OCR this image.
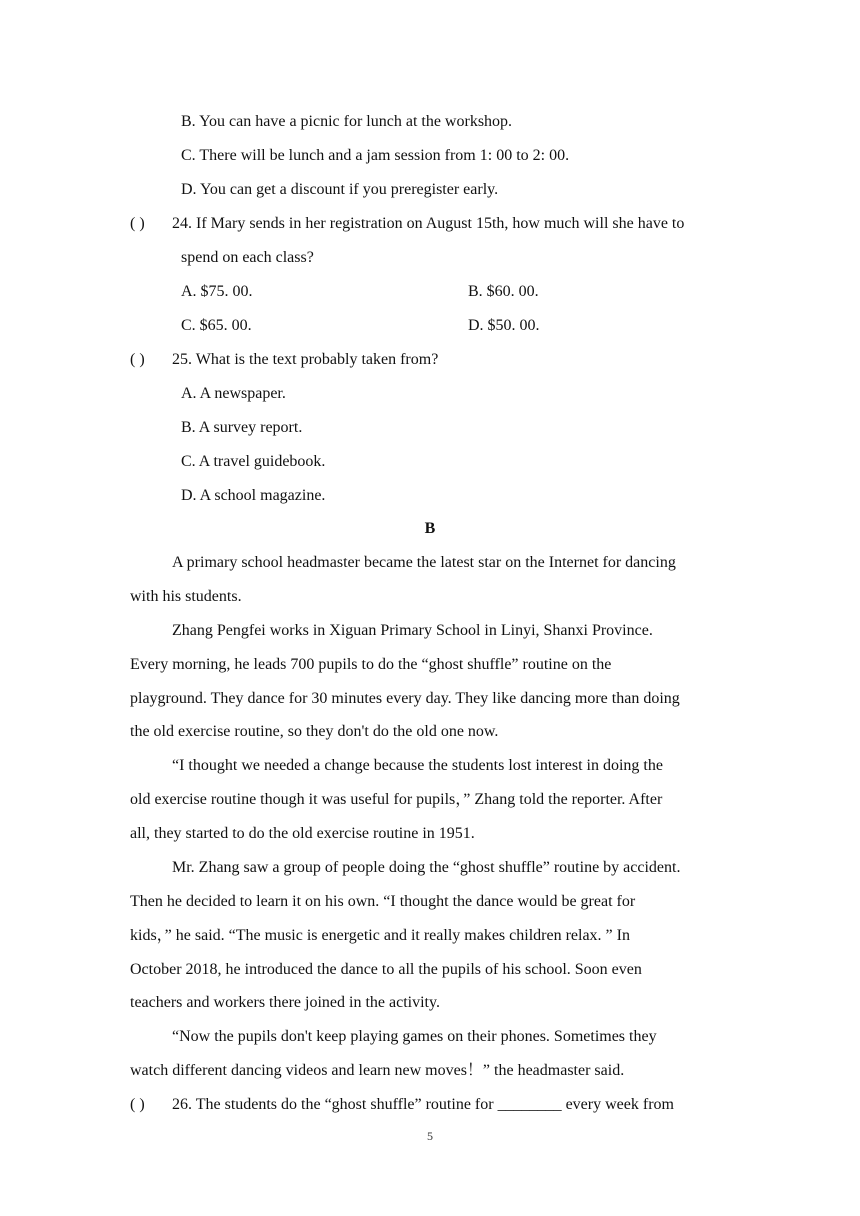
B. You can have a picnic for lunch at the workshop.
C. There will be lunch and a jam session from 1: 00 to 2: 00.
D. You can get a discount if you preregister early.
( ) 24. If Mary sends in her registration on August 15th, how much will she have to
spend on each class?
A. $75. 00.	B. $60. 00.
C. $65. 00.	D. $50. 00.
( ) 25. What is the text probably taken from?
A. A newspaper.
B. A survey report.
C. A travel guidebook.
D. A school magazine.
B
A primary school headmaster became the latest star on the Internet for dancing
with his students.
Zhang Pengfei works in Xiguan Primary School in Linyi, Shanxi Province.
Every morning, he leads 700 pupils to do the “ghost shuffle” routine on the
playground. They dance for 30 minutes every day. They like dancing more than doing
the old exercise routine, so they don't do the old one now.
“I thought we needed a change because the students lost interest in doing the
old exercise routine though it was useful for pupils，” Zhang told the reporter. After
all, they started to do the old exercise routine in 1951.
Mr. Zhang saw a group of people doing the “ghost shuffle” routine by accident.
Then he decided to learn it on his own. “I thought the dance would be great for
kids，” he said. “The music is energetic and it really makes children relax. ” In
October 2018, he introduced the dance to all the pupils of his school. Soon even
teachers and workers there joined in the activity.
“Now the pupils don't keep playing games on their phones. Sometimes they
watch different dancing videos and learn new moves！” the headmaster said.
( ) 26. The students do the “ghost shuffle” routine for ________ every week from
5
